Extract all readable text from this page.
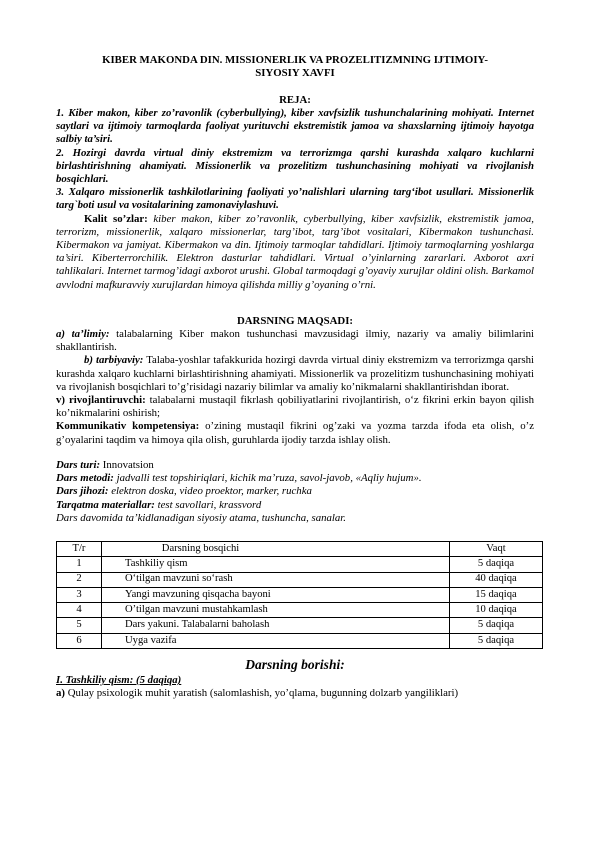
KIBER MAKONDA DIN. MISSIONERLIK VA PROZELITIZMNING IJTIMOIY-
SIYOSIY XAVFI

REJA:

1. Kiber makon, kiber zo’ravonlik (cyberbullying), kiber xavfsizlik tushunchalarining mohiyati. Internet saytlari va ijtimoiy tarmoqlarda faoliyat yurituvchi ekstremistik jamoa va shaxslarning ijtimoiy hayotga salbiy ta’siri.

2. Hozirgi davrda virtual diniy ekstremizm va terrorizmga qarshi kurashda xalqaro kuchlarni birlashtirishning ahamiyati. Missionerlik va prozelitizm tushunchasining mohiyati va rivojlanish bosqichlari.

3. Xalqaro missionerlik tashkilotlarining faoliyati yo’nalishlari ularning targ‘ibot usullari. Missionerlik targ`boti usul va vositalarining zamonaviylashuvi.

Kalit so’zlar: kiber makon, kiber zo’ravonlik, cyberbullying, kiber xavfsizlik, ekstremistik jamoa, terrorizm, missionerlik, xalqaro missionerlar, targ’ibot, targ’ibot vositalari, Kibermakon tushunchasi. Kibermakon va jamiyat. Kibermakon va din. Ijtimoiy tarmoqlar tahdidlari. Ijtimoiy tarmoqlarning yoshlarga ta’siri. Kiberterrorchilik. Elektron dasturlar tahdidlari. Virtual o’yinlarning zararlari. Axborot axri tahlikalari. Internet tarmog’idagi axborot urushi. Global tarmoqdagi g’oyaviy xurujlar oldini olish. Barkamol avvlodni mafkuravviy xurujlardan himoya qilishda milliy g’oyaning o’rni.

DARSNING MAQSADI:

a) ta’limiy: talabalarning Kiber makon tushunchasi mavzusidagi ilmiy, nazariy va amaliy bilimlarini shakllantirish.

b) tarbiyaviy: Talaba-yoshlar tafakkurida hozirgi davrda virtual diniy ekstremizm va terrorizmga qarshi kurashda xalqaro kuchlarni birlashtirishning ahamiyati. Missionerlik va prozelitizm tushunchasining mohiyati va rivojlanish bosqichlari to’g’risidagi nazariy bilimlar va amaliy ko’nikmalarni shakllantirishdan iborat.

v) rivojlantiruvchi: talabalarni mustaqil fikrlash qobiliyatlarini rivojlantirish, o‘z fikrini erkin bayon qilish ko’nikmalarini oshirish;

Kommunikativ kompetensiya: o’zining mustaqil fikrini og’zaki va yozma tarzda ifoda eta olish, o’z g’oyalarini taqdim va himoya qila olish, guruhlarda ijodiy tarzda ishlay olish.

Dars turi: Innovatsion

Dars metodi: jadvalli test topshiriqlari, kichik ma’ruza, savol-javob, «Aqliy hujum».

Dars jihozi: elektron doska, video proektor, marker, ruchka

Tarqatma materiallar: test savollari, krassvord

Dars davomida ta’kidlanadigan siyosiy atama, tushuncha, sanalar.

T/r	Darsning bosqichi	Vaqt
1	Tashkiliy qism	5 daqiqa
2	O‘tilgan mavzuni so‘rash	40 daqiqa
3	Yangi mavzuning qisqacha bayoni	15 daqiqa
4	O’tilgan mavzuni mustahkamlash	10 daqiqa
5	Dars yakuni. Talabalarni baholash	5 daqiqa
6	Uyga vazifa	5 daqiqa
Darsning borishi:
I. Tashkiliy qism: (5 daqiqa)

a) Qulay psixologik muhit yaratish (salomlashish, yo’qlama, bugunning dolzarb yangiliklari)
